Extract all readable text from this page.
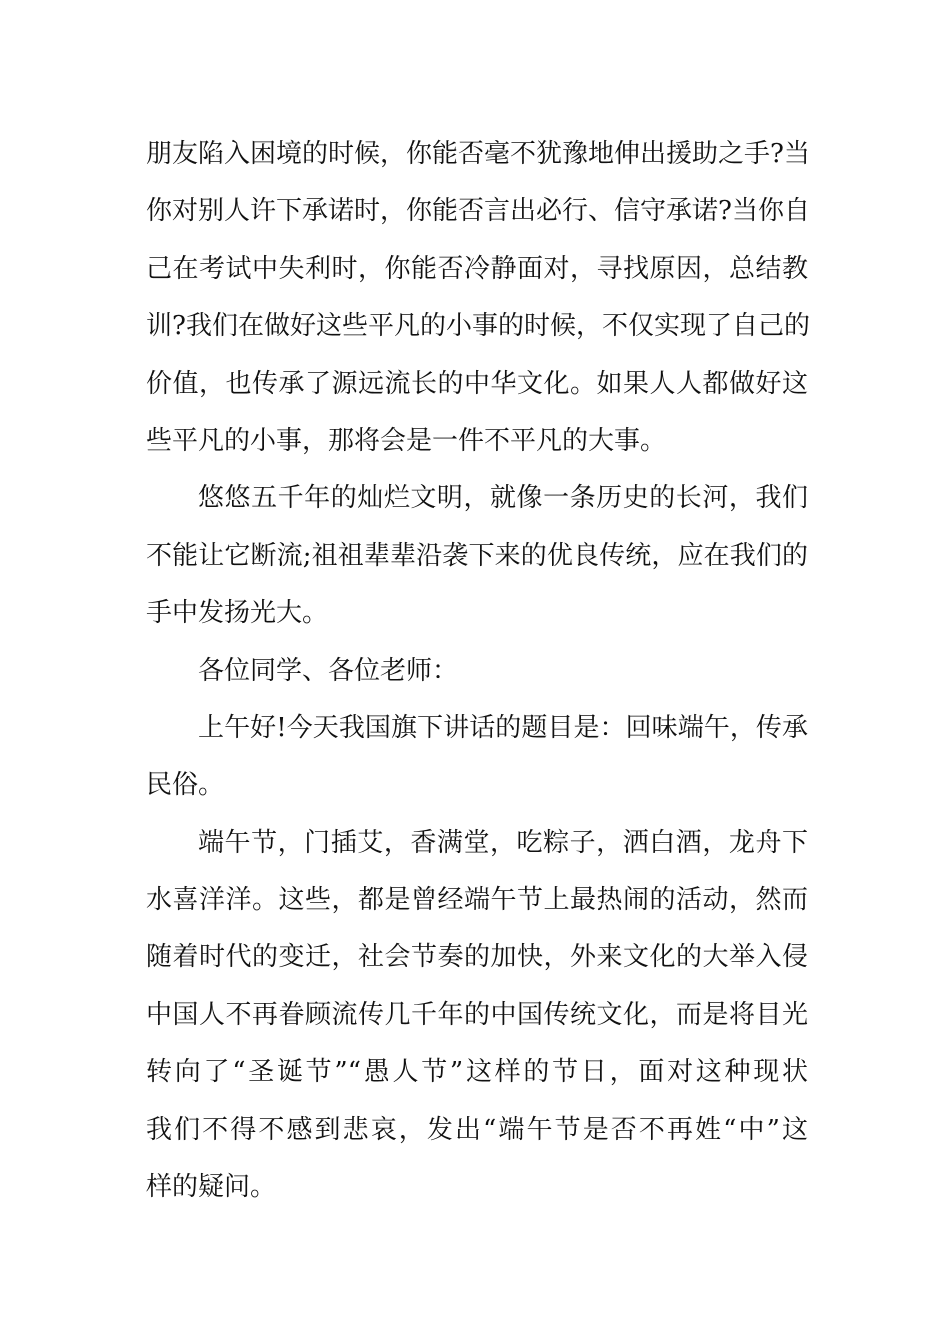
朋友陷入困境的时候，你能否毫不犹豫地伸出援助之手?当
你对别人许下承诺时，你能否言出必行、信守承诺?当你自
己在考试中失利时，你能否冷静面对，寻找原因，总结教
训?我们在做好这些平凡的小事的时候，不仅实现了自己的
价值，也传承了源远流长的中华文化。如果人人都做好这
些平凡的小事，那将会是一件不平凡的大事。
悠悠五千年的灿烂文明，就像一条历史的长河，我们
不能让它断流;祖祖辈辈沿袭下来的优良传统，应在我们的
手中发扬光大。
各位同学、各位老师：
上午好!今天我国旗下讲话的题目是：回味端午，传承
民俗。
端午节，门插艾，香满堂，吃粽子，洒白酒，龙舟下
水喜洋洋。这些，都是曾经端午节上最热闹的活动，然而
随着时代的变迁，社会节奏的加快，外来文化的大举入侵
中国人不再眷顾流传几千年的中国传统文化，而是将目光
转向了“圣诞节”“愚人节”这样的节日，面对这种现状
我们不得不感到悲哀，发出“端午节是否不再姓“中”这
样的疑问。
